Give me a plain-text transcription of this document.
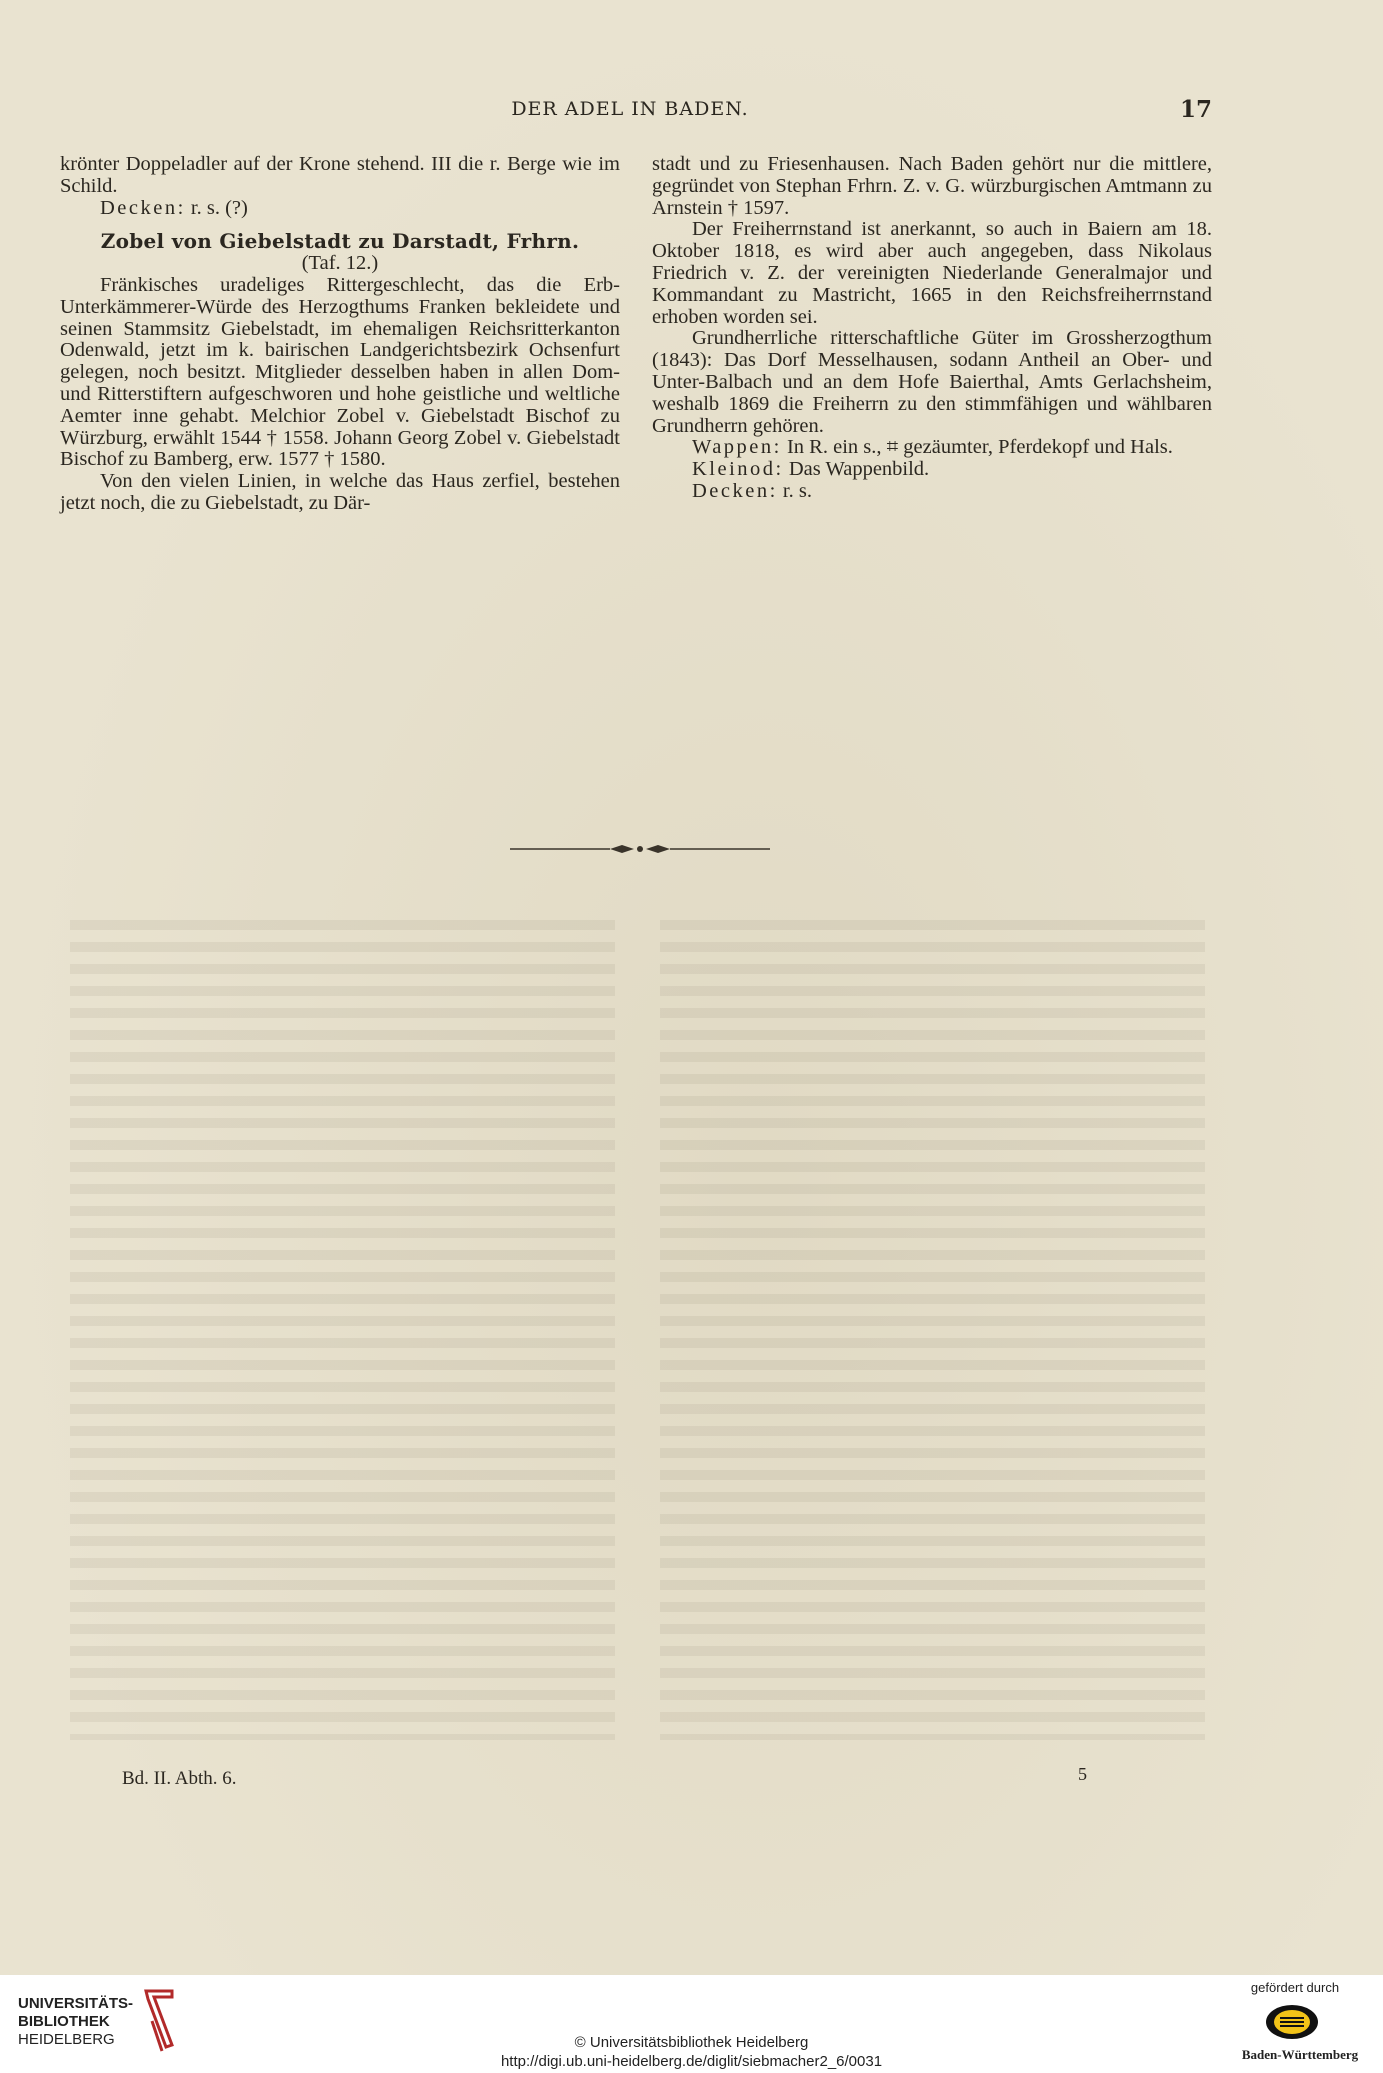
DER ADEL IN BADEN.	17

krönter Doppeladler auf der Krone stehend. III die r. Berge wie im Schild.

Decken: r. s. (?)

Zobel von Giebelstadt zu Darstadt, Frhrn.

(Taf. 12.)

Fränkisches uradeliges Rittergeschlecht, das die Erb-Unterkämmerer-Würde des Herzogthums Franken bekleidete und seinen Stammsitz Giebelstadt, im ehemaligen Reichsritterkanton Odenwald, jetzt im k. bairischen Landgerichtsbezirk Ochsenfurt gelegen, noch besitzt. Mitglieder desselben haben in allen Dom- und Ritterstiftern aufgeschworen und hohe geistliche und weltliche Aemter inne gehabt. Melchior Zobel v. Giebelstadt Bischof zu Würzburg, erwählt 1544 † 1558. Johann Georg Zobel v. Giebelstadt Bischof zu Bamberg, erw. 1577 † 1580.

Von den vielen Linien, in welche das Haus zerfiel, bestehen jetzt noch, die zu Giebelstadt, zu Där-

stadt und zu Friesenhausen. Nach Baden gehört nur die mittlere, gegründet von Stephan Frhrn. Z. v. G. würzburgischen Amtmann zu Arnstein † 1597.

Der Freiherrnstand ist anerkannt, so auch in Baiern am 18. Oktober 1818, es wird aber auch angegeben, dass Nikolaus Friedrich v. Z. der vereinigten Niederlande Generalmajor und Kommandant zu Mastricht, 1665 in den Reichsfreiherrnstand erhoben worden sei.

Grundherrliche ritterschaftliche Güter im Grossherzogthum (1843): Das Dorf Messelhausen, sodann Antheil an Ober- und Unter-Balbach und an dem Hofe Baierthal, Amts Gerlachsheim, weshalb 1869 die Freiherrn zu den stimmfähigen und wählbaren Grundherrn gehören.

Wappen: In R. ein s., ⌗ gezäumter, Pferdekopf und Hals.

Kleinod: Das Wappenbild.

Decken: r. s.

Bd. II. Abth. 6.	5
UNIVERSITÄTS-
BIBLIOTHEK
HEIDELBERG	© Universitätsbibliothek Heidelberg
http://digi.ub.uni-heidelberg.de/diglit/siebmacher2_6/0031
gefördert durch
Baden-Württemberg
